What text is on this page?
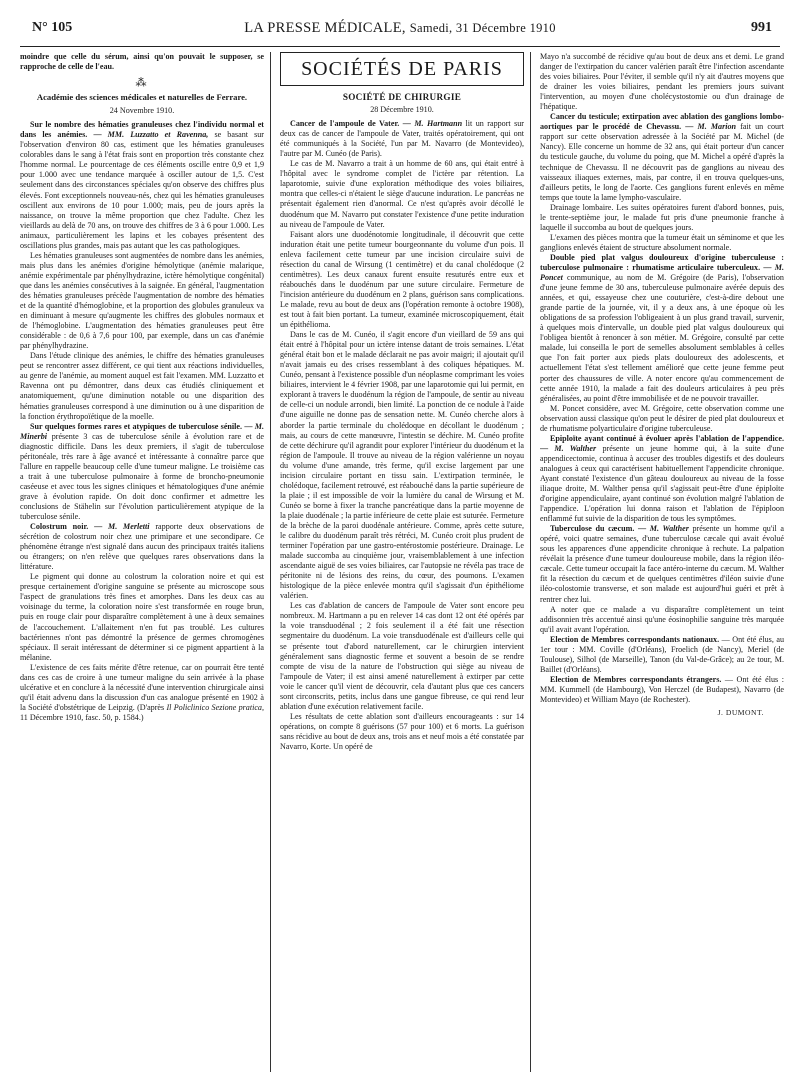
N° 105	LA PRESSE MÉDICALE, Samedi, 31 Décembre 1910	991

moindre que celle du sérum, ainsi qu'on pouvait le supposer, se rapproche de celle de l'eau.

⁂
Académie des sciences médicales et naturelles de Ferrare.
24 Novembre 1910.

Sur le nombre des hématies granuleuses chez l'individu normal et dans les anémies. — MM. Luzzatto et Ravenna, se basant sur l'observation d'environ 80 cas, estiment que les hématies granuleuses colorables dans le sang à l'état frais sont en proportion très constante chez l'homme normal. Le pourcentage de ces éléments oscille entre 0,9 et 1,9 pour 1.000 avec une tendance marquée à osciller autour de 1,5. C'est seulement dans des circonstances spéciales qu'on observe des chiffres plus élevés. Font exceptionnels nouveau-nés, chez qui les hématies granuleuses oscillent aux environs de 10 pour 1.000; mais, peu de jours après la naissance, on trouve la même proportion que chez l'adulte. Chez les vieillards au delà de 70 ans, on trouve des chiffres de 3 à 6 pour 1.000. Les animaux, particulièrement les lapins et les cobayes présentent des oscillations plus grandes, mais pas autant que les cas pathologiques.

Les hématies granuleuses sont augmentées de nombre dans les anémies, mais plus dans les anémies d'origine hémolytique (anémie malarique, anémie expérimentale par phénylhydrazine, ictère hémolytique congénital) que dans les anémies consécutives à la saignée. En général, l'augmentation des hématies granuleuses précède l'augmentation de nombre des hématies et de la quantité d'hémoglobine, et la proportion des globules granuleux va en diminuant à mesure qu'augmente les chiffres des globules normaux et de l'hémoglobine. L'augmentation des hématies granuleuses peut être considérable : de 0,6 à 7,6 pour 100, par exemple, dans un cas d'anémie par phénylhydrazine.

Dans l'étude clinique des anémies, le chiffre des hématies granuleuses peut se rencontrer assez différent, ce qui tient aux réactions individuelles, au genre de l'anémie, au moment auquel est fait l'examen. MM. Luzzatto et Ravenna ont pu démontrer, dans deux cas étudiés cliniquement et anatomiquement, qu'une diminution notable ou une disparition des hématies granuleuses correspond à une diminution ou à une disparition de la fonction érythropoïétique de la moelle.

Sur quelques formes rares et atypiques de tuberculose sénile. — M. Minerbi présente 3 cas de tuberculose sénile à évolution rare et de diagnostic difficile. Dans les deux premiers, il s'agit de tuberculose péritonéale, très rare à âge avancé et intéressante à connaître parce que l'allure en rappelle beaucoup celle d'une tumeur maligne. Le troisième cas a trait à une tuberculose pulmonaire à forme de broncho-pneumonie caséeuse et avec tous les signes cliniques et hématologiques d'une anémie grave à évolution rapide. On doit donc confirmer et admettre les conclusions de Stähelin sur l'évolution particulièrement atypique de la tuberculose sénile.

Colostrum noir. — M. Merletti rapporte deux observations de sécrétion de colostrum noir chez une primipare et une secondipare. Ce phénomène étrange n'est signalé dans aucun des principaux traités italiens ou étrangers; on n'en relève que quelques rares observations dans la littérature.

Le pigment qui donne au colostrum la coloration noire et qui est presque certainement d'origine sanguine se présente au microscope sous l'aspect de granulations très fines et amorphes. Dans les deux cas au voisinage du terme, la coloration noire s'est transformée en rouge brun, puis en rouge clair pour disparaître complètement à une à deux semaines de l'accouchement. L'allaitement n'en fut pas troublé. Les cultures bactériennes n'ont pas démontré la présence de germes chromogènes spéciaux. Il serait intéressant de déterminer si ce pigment appartient à la mélanine.

L'existence de ces faits mérite d'être retenue, car on pourrait être tenté dans ces cas de croire à une tumeur maligne du sein arrivée à la phase ulcérative et en conclure à la nécessité d'une intervention chirurgicale ainsi qu'il était advenu dans la discussion d'un cas analogue présenté en 1902 à la Société d'obstétrique de Leipzig. (D'après Il Policlinico Sezione pratica, 11 Décembre 1910, fasc. 50, p. 1584.)

SOCIÉTÉS DE PARIS
SOCIÉTÉ DE CHIRURGIE
28 Décembre 1910.

Cancer de l'ampoule de Vater. — M. Hartmann lit un rapport sur deux cas de cancer de l'ampoule de Vater, traités opératoirement, qui ont été communiqués à la Société, l'un par M. Navarro (de Montevideo), l'autre par M. Cunéo (de Paris).

Le cas de M. Navarro a trait à un homme de 60 ans, qui était entré à l'hôpital avec le syndrome complet de l'ictère par rétention. La laparotomie, suivie d'une exploration méthodique des voies biliaires, montra que celles-ci n'étaient le siège d'aucune induration. Le pancréas ne présentait également rien d'anormal. Ce n'est qu'après avoir décollé le duodénum que M. Navarro put constater l'existence d'une petite induration au niveau de l'ampoule de Vater.

Faisant alors une duodénotomie longitudinale, il découvrit que cette induration était une petite tumeur bourgeonnante du volume d'un pois. Il enleva facilement cette tumeur par une incision circulaire suivi de résection du canal de Wirsung (1 centimètre) et du canal cholédoque (2 centimètres). Les deux canaux furent ensuite resuturés entre eux et réabouchés dans le duodénum par une suture circulaire. Fermeture de l'incision antérieure du duodénum en 2 plans, guérison sans complications. Le malade, revu au bout de deux ans (l'opération remonte à octobre 1908), est tout à fait bien portant. La tumeur, examinée microscopiquement, était un épithélioma.

Dans le cas de M. Cunéo, il s'agit encore d'un vieillard de 59 ans qui était entré à l'hôpital pour un ictère intense datant de trois semaines. L'état général était bon et le malade déclarait ne pas avoir maigri; il ajoutait qu'il n'avait jamais eu des crises ressemblant à des coliques hépatiques. M. Cunéo, pensant à l'existence possible d'un néoplasme comprimant les voies biliaires, intervient le 4 février 1908, par une laparotomie qui lui permit, en explorant à travers le duodénum la région de l'ampoule, de sentir au niveau de celle-ci un nodule arrondi, bien limité. La ponction de ce nodule à l'aide d'une aiguille ne donne pas de sensation nette. M. Cunéo cherche alors à aborder la partie terminale du cholédoque en décollant le duodénum ; mais, au cours de cette manœuvre, l'intestin se déchire. M. Cunéo profite de cette déchirure qu'il agrandit pour explorer l'intérieur du duodénum et la région de l'ampoule. Il trouve au niveau de la région valérienne un noyau du volume d'une amande, très ferme, qu'il excise largement par une incision circulaire portant en tissu sain. L'extirpation terminée, le cholédoque, facilement retrouvé, est réabouché dans la partie supérieure de la plaie ; il est impossible de voir la lumière du canal de Wirsung et M. Cunéo se borne à fixer la tranche pancréatique dans la partie moyenne de la plaie duodénale ; la partie inférieure de cette plaie est suturée. Fermeture de la brèche de la paroi duodénale antérieure. Comme, après cette suture, le calibre du duodénum paraît très rétréci, M. Cunéo croit plus prudent de terminer l'opération par une gastro-entérostomie postérieure. Drainage. Le malade succomba au cinquième jour, vraisemblablement à une infection ascendante aiguë de ses voies biliaires, car l'autopsie ne révéla pas trace de péritonite ni de lésions des reins, du cœur, des poumons. L'examen histologique de la pièce enlevée montra qu'il s'agissait d'un épithéliome valérien.

Les cas d'ablation de cancers de l'ampoule de Vater sont encore peu nombreux. M. Hartmann a pu en relever 14 cas dont 12 ont été opérés par la voie transduodénal ; 2 fois seulement il a été fait une résection segmentaire du duodénum. La voie transduodénale est d'ailleurs celle qui se présente tout d'abord naturellement, car le chirurgien intervient généralement sans diagnostic ferme et souvent a besoin de se rendre compte de visu de la nature de l'obstruction qui siège au niveau de l'ampoule de Vater; il est ainsi amené naturellement à extirper par cette voie le cancer qu'il vient de découvrir, cela d'autant plus que ces cancers sont circonscrits, petits, inclus dans une gangue fibreuse, ce qui rend leur ablation d'une exécution relativement facile.

Les résultats de cette ablation sont d'ailleurs encourageants : sur 14 opérations, on compte 8 guérisons (57 pour 100) et 6 morts. La guérison sans récidive au bout de deux ans, trois ans et neuf mois a été constatée par Navarro, Korte. Un opéré de

Mayo n'a succombé de récidive qu'au bout de deux ans et demi. Le grand danger de l'extirpation du cancer valérien paraît être l'infection ascendante des voies biliaires. Pour l'éviter, il semble qu'il n'y ait d'autres moyens que de drainer les voies biliaires, pendant les premiers jours suivant l'intervention, au moyen d'une cholécystostomie ou d'un drainage de l'hépatique.

Cancer du testicule; extirpation avec ablation des ganglions lombo-aortiques par le procédé de Chevassu. — M. Marion fait un court rapport sur cette observation adressée à la Société par M. Michel (de Nancy). Elle concerne un homme de 32 ans, qui était porteur d'un cancer du testicule gauche, du volume du poing, que M. Michel a opéré d'après la technique de Chevassu. Il ne découvrit pas de ganglions au niveau des vaisseaux iliaques externes, mais, par contre, il en trouva quelques-uns, d'ailleurs petits, le long de l'aorte. Ces ganglions furent enlevés en même temps que toute la lame lympho-vasculaire.

Drainage lombaire. Les suites opératoires furent d'abord bonnes, puis, le trente-septième jour, le malade fut pris d'une pneumonie franche à laquelle il succomba au bout de quelques jours.

L'examen des pièces montra que la tumeur était un séminome et que les ganglions enlevés étaient de structure absolument normale.

Double pied plat valgus douloureux d'origine tuberculeuse : tuberculose pulmonaire : rhumatisme articulaire tuberculeux. — M. Poncet communique, au nom de M. Grégoire (de Paris), l'observation d'une jeune femme de 30 ans, tuberculeuse pulmonaire avérée depuis des années, et qui, essayeuse chez une couturière, c'est-à-dire debout une grande partie de la journée, vit, il y a deux ans, à une époque où les obligations de sa profession l'obligeaient à un plus grand travail, survenir, à quelques mois d'intervalle, un double pied plat valgus douloureux qui l'obligea bientôt à renoncer à son métier. M. Grégoire, consulté par cette malade, lui conseilla le port de semelles absolument semblables à celles que l'on fait porter aux pieds plats douloureux des adolescents, et actuellement l'état s'est tellement amélioré que cette jeune femme peut porter des chaussures de ville. A noter encore qu'au commencement de cette année 1910, la malade a fait des douleurs articulaires à peu près généralisées, au point d'être immobilisée et de ne pouvoir travailler.

M. Poncet considère, avec M. Grégoire, cette observation comme une observation aussi classique qu'on peut le désirer de pied plat douloureux et de rhumatisme polyarticulaire d'origine tuberculeuse.

Epiploïte ayant continué à évoluer après l'ablation de l'appendice. — M. Walther présente un jeune homme qui, à la suite d'une appendicectomie, continua à accuser des troubles digestifs et des douleurs analogues à ceux qui caractérisent habituellement l'appendicite chronique. Ayant constaté l'existence d'un gâteau douloureux au niveau de la fosse iliaque droite, M. Walther pensa qu'il s'agissait peut-être d'une épiploïte d'origine appendiculaire, ayant continué son évolution malgré l'ablation de l'appendice. L'opération lui donna raison et l'ablation de l'épiploon enflammé fut suivie de la disparition de tous les symptômes.

Tuberculose du cæcum. — M. Walther présente un homme qu'il a opéré, voici quatre semaines, d'une tuberculose cæcale qui avait évolué sous les apparences d'une appendicite chronique à rechute. La palpation révélait la présence d'une tumeur douloureuse mobile, dans la région iléo-cæcale. Cette tumeur occupait la face antéro-interne du cæcum. M. Walther fit la résection du cæcum et de quelques centimètres d'iléon suivie d'une iléo-colostomie transverse, et son malade est aujourd'hui guéri et prêt à rentrer chez lui.

A noter que ce malade a vu disparaître complètement un teint addisonnien très accentué ainsi qu'une éosinophilie sanguine très marquée qu'il avait avant l'opération.

Election de Membres correspondants nationaux. — Ont été élus, au 1er tour : MM. Coville (d'Orléans), Froelich (de Nancy), Meriel (de Toulouse), Silhol (de Marseille), Tanon (du Val-de-Grâce); au 2e tour, M. Baillet (d'Orléans).

Election de Membres correspondants étrangers. — Ont été élus : MM. Kummell (de Hambourg), Von Herczel (de Budapest), Navarro (de Montevideo) et William Mayo (de Rochester).

J. DUMONT.
